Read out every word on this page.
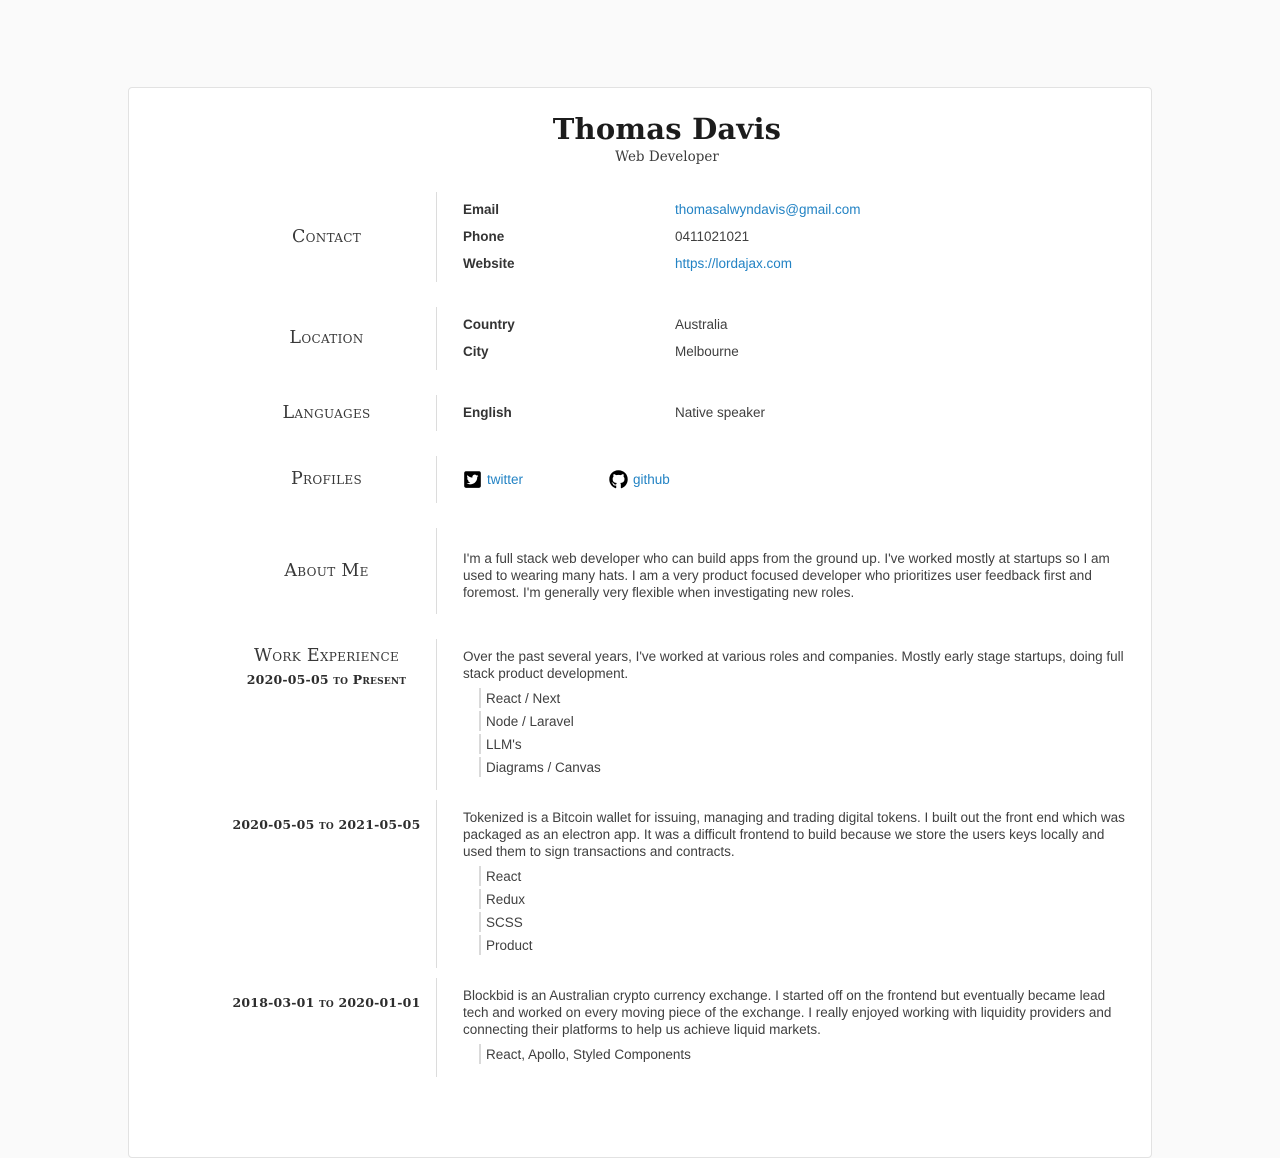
Thomas Davis
Web Developer
Contact
Email	thomasalwyndavis@gmail.com
Phone	0411021021
Website	https://lordajax.com
Location
Country	Australia
City	Melbourne
Languages	English	Native speaker
Profiles	twitter	github
About Me

I'm a full stack web developer who can build apps from the ground up. I've worked mostly at startups so I am used to wearing many hats. I am a very product focused developer who prioritizes user feedback first and foremost. I'm generally very flexible when investigating new roles.

Work Experience
2020-05-05 to Present

Over the past several years, I've worked at various roles and companies. Mostly early stage startups, doing full stack product development.

React / Next
Node / Laravel
LLM's
Diagrams / Canvas
2020-05-05 to 2021-05-05	Tokenized is a Bitcoin wallet for issuing, managing and trading digital tokens. I built out the front end which was packaged as an electron app. It was a difficult frontend to build because we store the users keys locally and used them to sign transactions and contracts.

React
Redux
SCSS
Product
2018-03-01 to 2020-01-01	Blockbid is an Australian crypto currency exchange. I started off on the frontend but eventually became lead tech and worked on every moving piece of the exchange. I really enjoyed working with liquidity providers and connecting their platforms to help us achieve liquid markets.

React, Apollo, Styled Components
